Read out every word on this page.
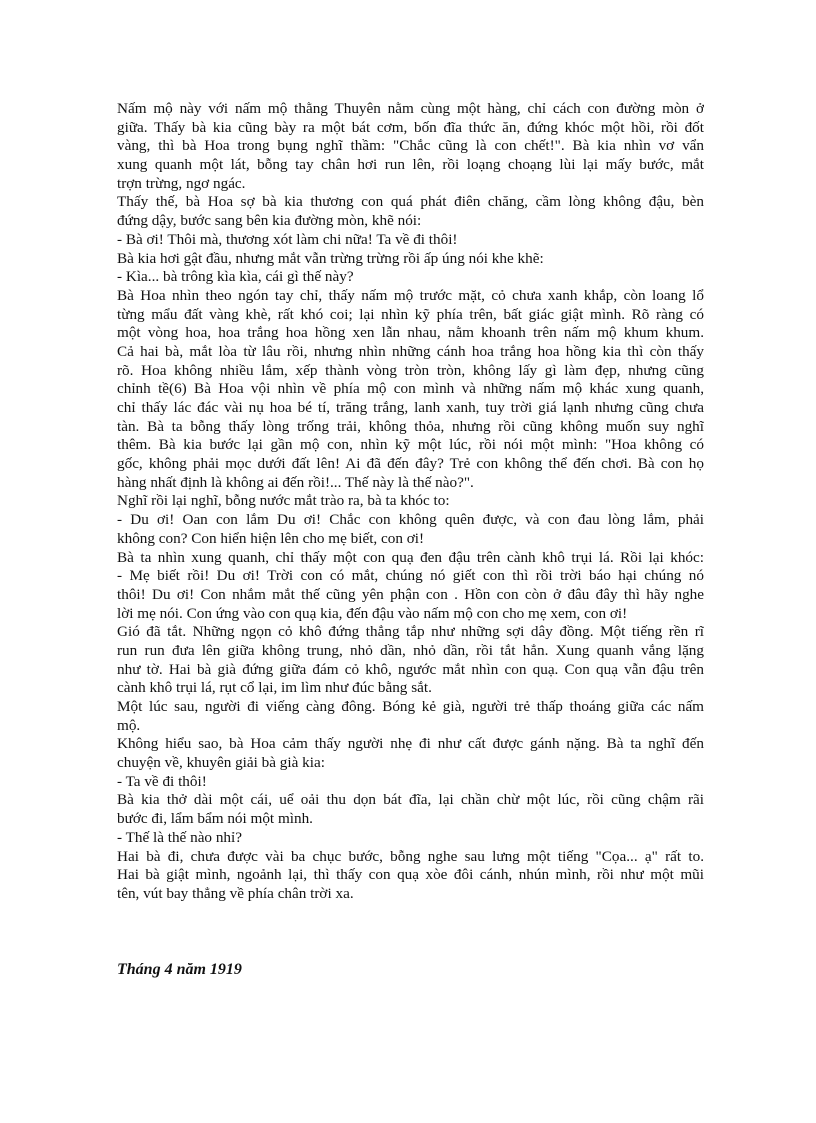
Nấm mộ này với nấm mộ thằng Thuyên nằm cùng một hàng, chỉ cách con đường mòn ở
giữa. Thấy bà kia cũng bày ra một bát cơm, bốn đĩa thức ăn, đứng khóc một hồi, rồi đốt
vàng, thì bà Hoa trong bụng nghĩ thầm: "Chắc cũng là con chết!". Bà kia nhìn vơ vẩn
xung quanh một lát, bỗng tay chân hơi run lên, rồi loạng choạng lùi lại mấy bước, mắt
trợn trừng, ngơ ngác.
Thấy thế, bà Hoa sợ bà kia thương con quá phát điên chăng, cầm lòng không đậu, bèn
đứng dậy, bước sang bên kia đường mòn, khẽ nói:
- Bà ơi! Thôi mà, thương xót làm chi nữa! Ta về đi thôi!
Bà kia hơi gật đầu, nhưng mắt vẫn trừng trừng rồi ấp úng nói khe khẽ:
- Kìa... bà trông kìa kìa, cái gì thế này?
Bà Hoa nhìn theo ngón tay chỉ, thấy nấm mộ trước mặt, cỏ chưa xanh khắp, còn loang lổ
từng mẩu đất vàng khè, rất khó coi; lại nhìn kỹ phía trên, bất giác giật mình. Rõ ràng có
một vòng hoa, hoa trắng hoa hồng xen lẫn nhau, nằm khoanh trên nấm mộ khum khum.
Cả hai bà, mắt lòa từ lâu rồi, nhưng nhìn những cánh hoa trắng hoa hồng kia thì còn thấy
rõ. Hoa không nhiều lắm, xếp thành vòng tròn tròn, không lấy gì làm đẹp, nhưng cũng
chỉnh tề(6) Bà Hoa vội nhìn về phía mộ con mình và những nấm mộ khác xung quanh,
chỉ thấy lác đác vài nụ hoa bé tí, trăng trắng, lanh xanh, tuy trời giá lạnh nhưng cũng chưa
tàn. Bà ta bỗng thấy lòng trống trải, không thỏa, nhưng rồi cũng không muốn suy nghĩ
thêm. Bà kia bước lại gần mộ con, nhìn kỹ một lúc, rồi nói một mình: "Hoa không có
gốc, không phải mọc dưới đất lên! Ai đã đến đây? Trẻ con không thể đến chơi. Bà con họ
hàng nhất định là không ai đến rồi!... Thế này là thế nào?".
Nghĩ rồi lại nghĩ, bỗng nước mắt trào ra, bà ta khóc to:
- Du ơi! Oan con lắm Du ơi! Chắc con không quên được, và con đau lòng lắm, phải
không con? Con hiển hiện lên cho mẹ biết, con ơi!
Bà ta nhìn xung quanh, chỉ thấy một con quạ đen đậu trên cành khô trụi lá. Rồi lại khóc:
- Mẹ biết rồi! Du ơi! Trời con có mắt, chúng nó giết con thì rồi trời báo hại chúng nó
thôi! Du ơi! Con nhắm mắt thế cũng yên phận con . Hồn con còn ở đâu đây thì hãy nghe
lời mẹ nói. Con ứng vào con quạ kia, đến đậu vào nấm mộ con cho mẹ xem, con ơi!
Gió đã tắt. Những ngọn cỏ khô đứng thẳng tắp như những sợi dây đồng. Một tiếng rền rĩ
run run đưa lên giữa không trung, nhỏ dần, nhỏ dần, rồi tắt hẳn. Xung quanh vắng lặng
như tờ. Hai bà già đứng giữa đám cỏ khô, ngước mắt nhìn con quạ. Con quạ vẫn đậu trên
cành khô trụi lá, rụt cổ lại, im lìm như đúc bằng sắt.
Một lúc sau, người đi viếng càng đông. Bóng kẻ già, người trẻ thấp thoáng giữa các nấm
mộ.
Không hiểu sao, bà Hoa cảm thấy người nhẹ đi như cất được gánh nặng. Bà ta nghĩ đến
chuyện về, khuyên giải bà già kia:
- Ta về đi thôi!
Bà kia thở dài một cái, uể oải thu dọn bát đĩa, lại chần chừ một lúc, rồi cũng chậm rãi
bước đi, lẩm bẩm nói một mình.
- Thế là thế nào nhỉ?
Hai bà đi, chưa được vài ba chục bước, bỗng nghe sau lưng một tiếng "Cọa... ạ" rất to.
Hai bà giật mình, ngoảnh lại, thì thấy con quạ xòe đôi cánh, nhún mình, rồi như một mũi
tên, vút bay thẳng về phía chân trời xa.
Tháng 4 năm 1919
